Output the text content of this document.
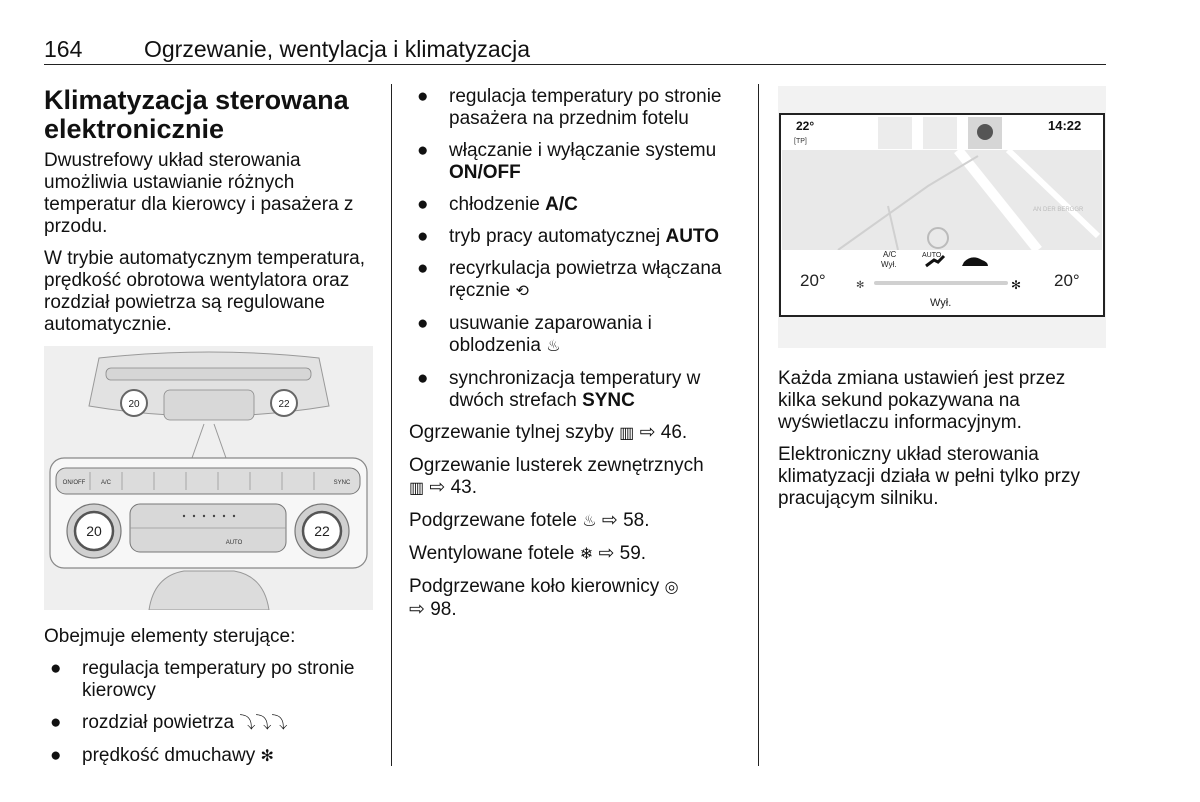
164	Ogrzewanie, wentylacja i klimatyzacja
Klimatyzacja sterowana
elektronicznie

Dwustrefowy układ sterowania umożliwia ustawianie różnych temperatur dla kierowcy i pasażera z przodu.

W trybie automatycznym temperatura, prędkość obrotowa wentylatora oraz rozdział powietrza są regulowane automatycznie.

20	22
ON/OFF	A/C	SYNC
20	22
AUTO

Obejmuje elementy sterujące:

● regulacja temperatury po stronie kierowcy
● rozdział powietrza ⤵⤵⤵
● prędkość dmuchawy ✻
● regulacja temperatury po stronie pasażera na przednim fotelu
● włączanie i wyłączanie systemu ON/OFF
● chłodzenie A/C
● tryb pracy automatycznej AUTO
● recyrkulacja powietrza włączana ręcznie ⟲
● usuwanie zaparowania i oblodzenia ♨
● synchronizacja temperatury w dwóch strefach SYNC

Ogrzewanie tylnej szyby ▥ ⇨ 46.

Ogrzewanie lusterek zewnętrznych
▥ ⇨ 43.

Podgrzewane fotele ♨ ⇨ 58.

Wentylowane fotele ❄ ⇨ 59.

Podgrzewane koło kierownicy ◎
⇨ 98.

22°
[TP]
14:22
AN DER BERGGR
A/C
Wył.
AUTO
20°	20°
✻	✻
Wył.

Każda zmiana ustawień jest przez kilka sekund pokazywana na wyświetlaczu informacyjnym.

Elektroniczny układ sterowania klimatyzacji działa w pełni tylko przy pracującym silniku.
